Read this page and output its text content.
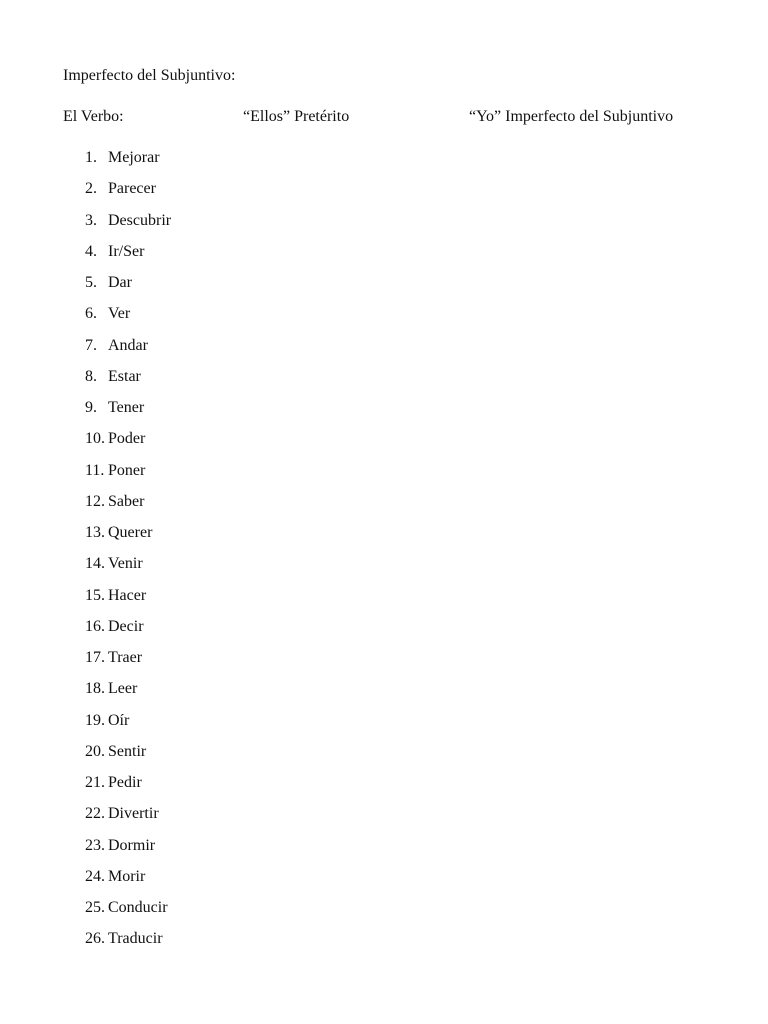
Imperfecto del Subjuntivo:
El Verbo:	“Ellos” Pretérito	“Yo” Imperfecto del Subjuntivo
1. Mejorar
2. Parecer
3. Descubrir
4. Ir/Ser
5. Dar
6. Ver
7. Andar
8. Estar
9. Tener
10. Poder
11. Poner
12. Saber
13. Querer
14. Venir
15. Hacer
16. Decir
17. Traer
18. Leer
19. Oír
20. Sentir
21. Pedir
22. Divertir
23. Dormir
24. Morir
25. Conducir
26. Traducir
